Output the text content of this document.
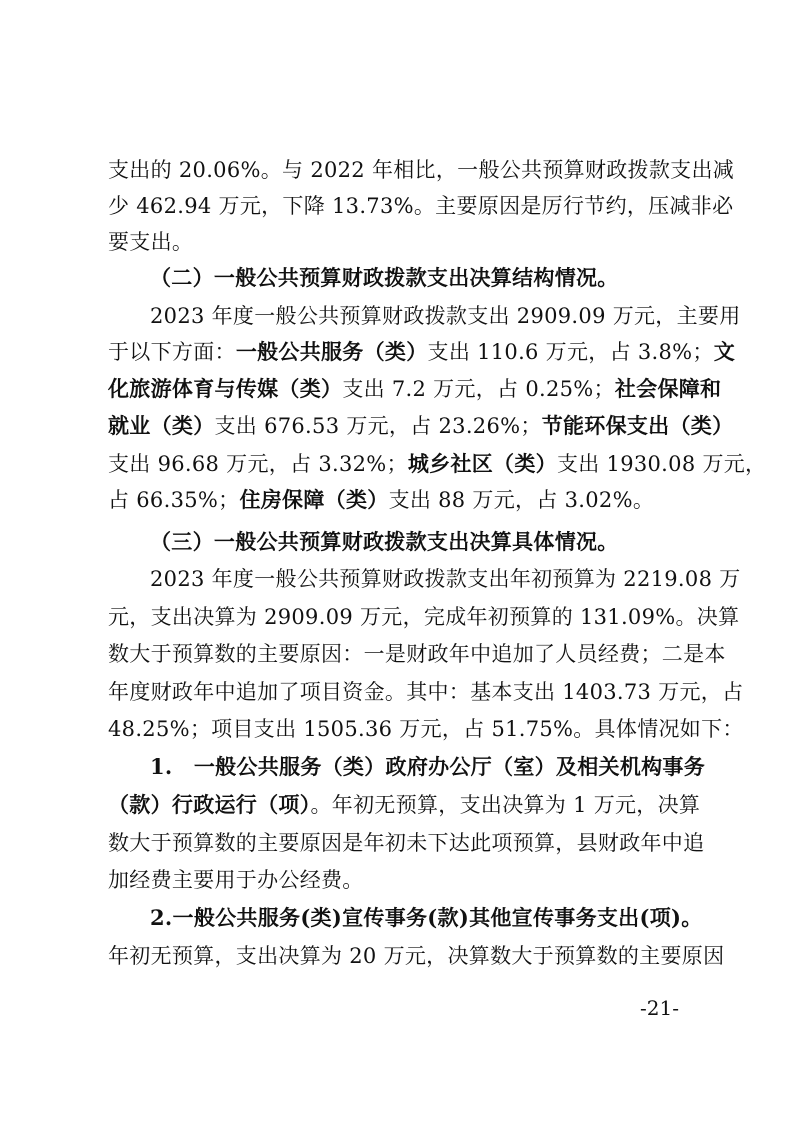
支出的 20.06%。与 2022 年相比，一般公共预算财政拨款支出减
少 462.94 万元，下降 13.73%。主要原因是厉行节约，压减非必
要支出。
（二）一般公共预算财政拨款支出决算结构情况。
2023 年度一般公共预算财政拨款支出 2909.09 万元，主要用
于以下方面：一般公共服务（类）支出 110.6 万元，占 3.8%；文
化旅游体育与传媒（类）支出 7.2 万元，占 0.25%；社会保障和
就业（类）支出 676.53 万元，占 23.26%；节能环保支出（类）
支出 96.68 万元，占 3.32%；城乡社区（类）支出 1930.08 万元，
占 66.35%；住房保障（类）支出 88 万元，占 3.02%。
（三）一般公共预算财政拨款支出决算具体情况。
2023 年度一般公共预算财政拨款支出年初预算为 2219.08 万
元，支出决算为 2909.09 万元，完成年初预算的 131.09%。决算
数大于预算数的主要原因：一是财政年中追加了人员经费；二是本
年度财政年中追加了项目资金。其中：基本支出 1403.73 万元，占
48.25%；项目支出 1505.36 万元，占 51.75%。具体情况如下：
1.　一般公共服务（类）政府办公厅（室）及相关机构事务
（款）行政运行（项）。年初无预算，支出决算为 1 万元，决算
数大于预算数的主要原因是年初未下达此项预算，县财政年中追
加经费主要用于办公经费。
2.一般公共服务(类)宣传事务(款)其他宣传事务支出(项)。
年初无预算，支出决算为 20 万元，决算数大于预算数的主要原因
-21-
